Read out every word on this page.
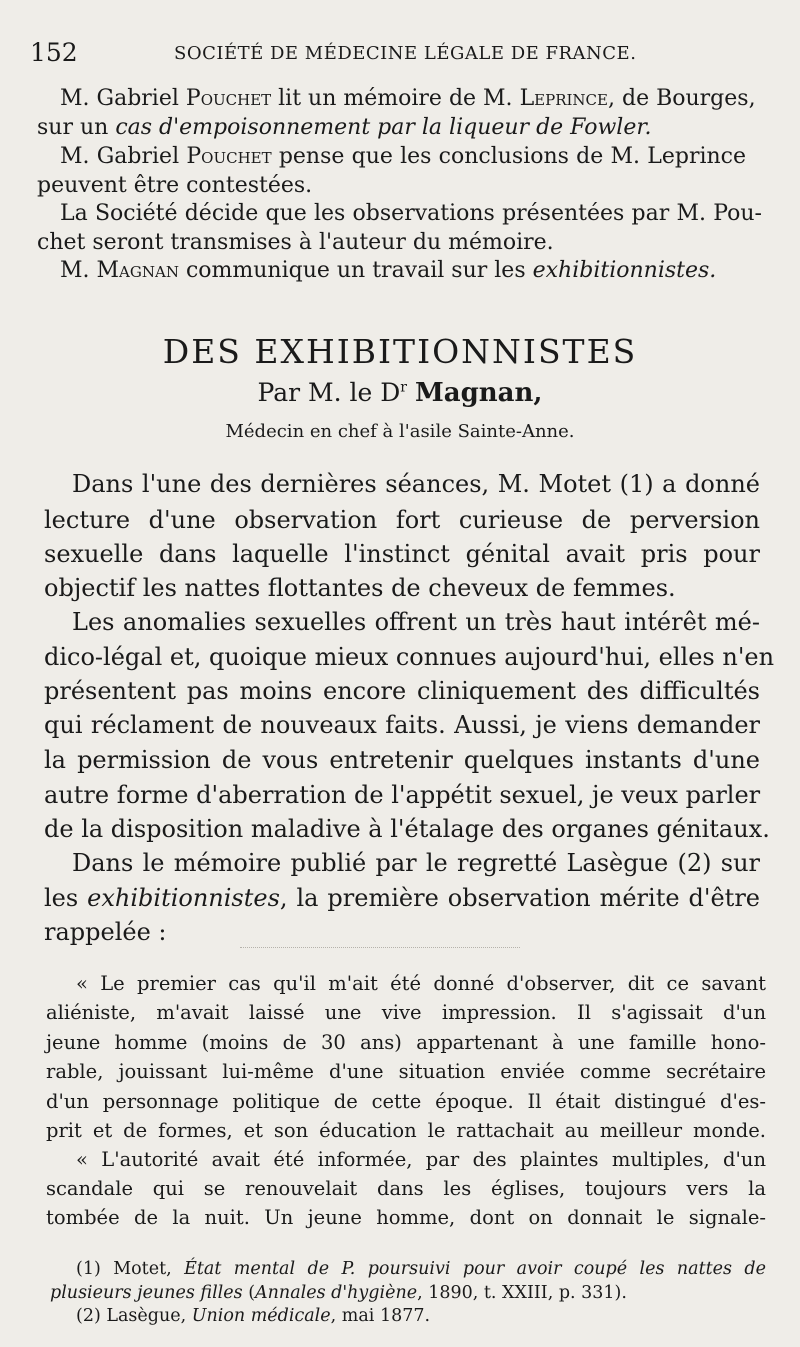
152	SOCIÉTÉ DE MÉDECINE LÉGALE DE FRANCE.
M. Gabriel Pouchet lit un mémoire de M. Leprince, de Bourges,
sur un cas d'empoisonnement par la liqueur de Fowler.
M. Gabriel Pouchet pense que les conclusions de M. Leprince
peuvent être contestées.
La Société décide que les observations présentées par M. Pou-
chet seront transmises à l'auteur du mémoire.
M. Magnan communique un travail sur les exhibitionnistes.
DES EXHIBITIONNISTES
Par M. le $D^r$ Magnan,
Médecin en chef à l'asile Sainte-Anne.
Dans l'une des dernières séances, M. Motet (1) a donné
lecture d'une observation fort curieuse de perversion
sexuelle dans laquelle l'instinct génital avait pris pour
objectif les nattes flottantes de cheveux de femmes.
Les anomalies sexuelles offrent un très haut intérêt mé-
dico-légal et, quoique mieux connues aujourd'hui, elles n'en
présentent pas moins encore cliniquement des difficultés
qui réclament de nouveaux faits. Aussi, je viens demander
la permission de vous entretenir quelques instants d'une
autre forme d'aberration de l'appétit sexuel, je veux parler
de la disposition maladive à l'étalage des organes génitaux.
Dans le mémoire publié par le regretté Lasègue (2) sur
les exhibitionnistes, la première observation mérite d'être
rappelée :
« Le premier cas qu'il m'ait été donné d'observer, dit ce savant
aliéniste, m'avait laissé une vive impression. Il s'agissait d'un
jeune homme (moins de 30 ans) appartenant à une famille hono-
rable, jouissant lui-même d'une situation enviée comme secrétaire
d'un personnage politique de cette époque. Il était distingué d'es-
prit et de formes, et son éducation le rattachait au meilleur monde.
« L'autorité avait été informée, par des plaintes multiples, d'un
scandale qui se renouvelait dans les églises, toujours vers la
tombée de la nuit. Un jeune homme, dont on donnait le signale-
(1) Motet, État mental de P. poursuivi pour avoir coupé les nattes de
plusieurs jeunes filles (Annales d'hygiène, 1890, t. XXIII, p. 331).
(2) Lasègue, Union médicale, mai 1877.
